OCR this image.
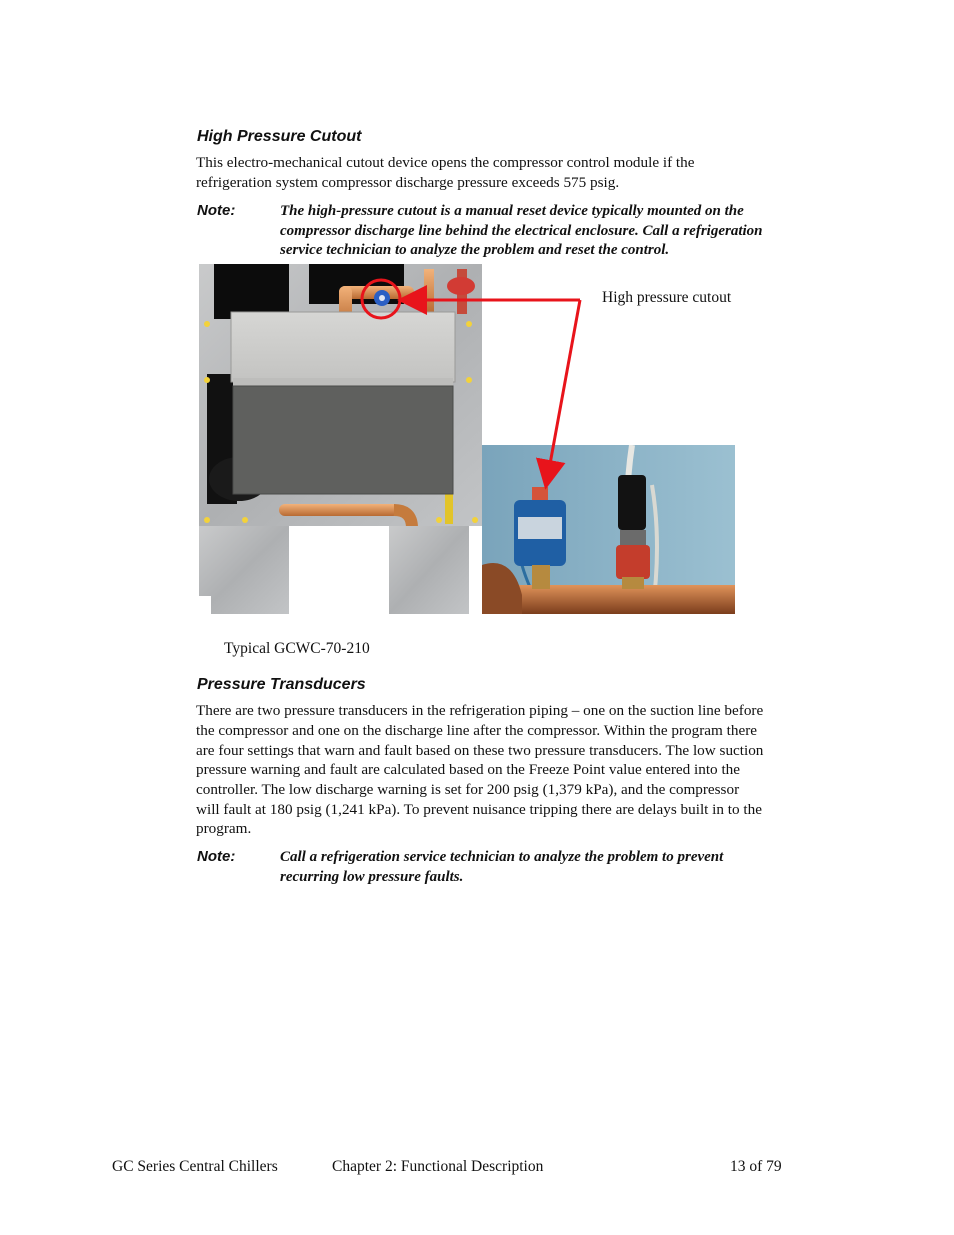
High Pressure Cutout
This electro-mechanical cutout device opens the compressor control module if the
refrigeration system compressor discharge pressure exceeds 575 psig.
Note:	The high-pressure cutout is a manual reset device typically mounted on the
compressor discharge line behind the electrical enclosure. Call a refrigeration
service technician to analyze the problem and reset the control.
High pressure cutout
Typical GCWC-70-210
Pressure Transducers
There are two pressure transducers in the refrigeration piping – one on the suction line before
the compressor and one on the discharge line after the compressor. Within the program there
are four settings that warn and fault based on these two pressure transducers. The low suction
pressure warning and fault are calculated based on the Freeze Point value entered into the
controller. The low discharge warning is set for 200 psig (1,379 kPa), and the compressor
will fault at 180 psig (1,241 kPa). To prevent nuisance tripping there are delays built in to the
program.
Note:	Call a refrigeration service technician to analyze the problem to prevent
recurring low pressure faults.
GC Series Central Chillers	Chapter 2: Functional Description	13 of 79
